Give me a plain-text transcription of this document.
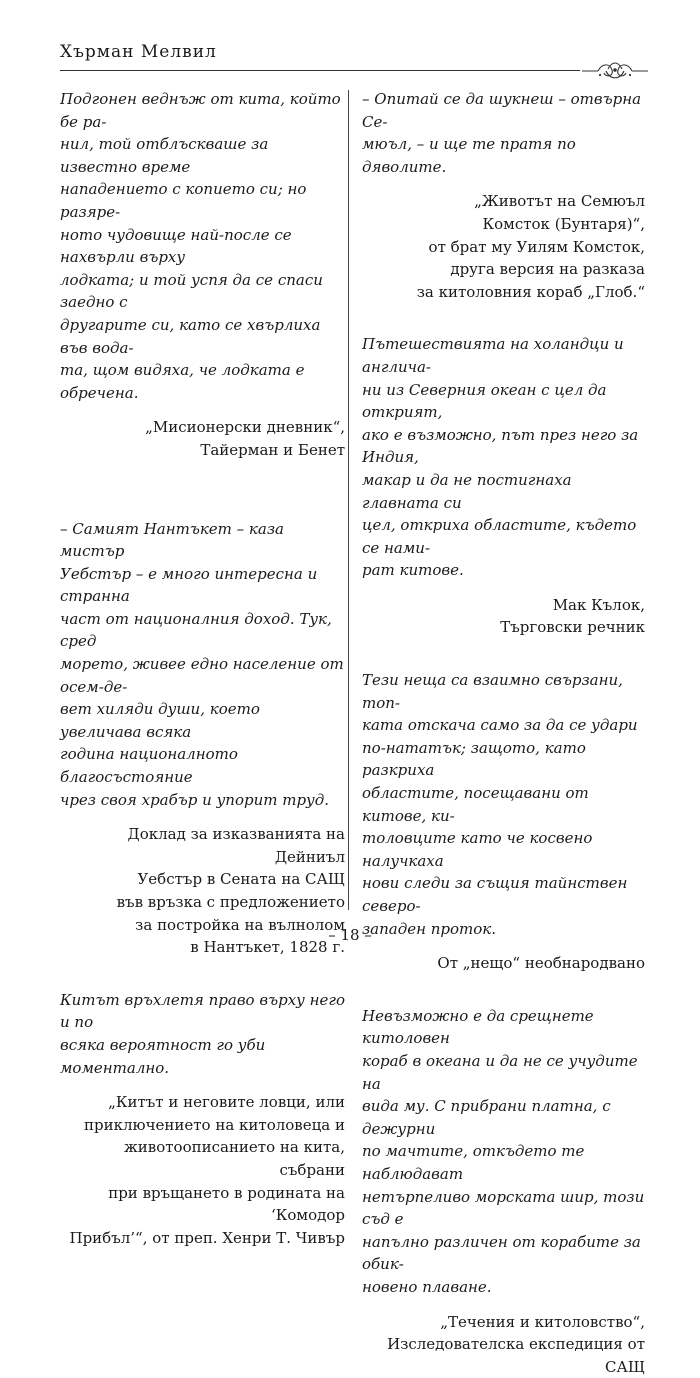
Хърман Мелвил

Подгонен веднъж от кита, който бе ра-
нил, той отблъскваше за известно време
нападението с копието си; но разяре-
ното чудовище най-после се нахвърли върху
лодката; и той успя да се спаси заедно с
другарите си, като се хвърлиха във вода-
та, щом видяха, че лодката е обречена.

„Мисионерски дневник“,
Тайерман и Бенет

– Самият Нантъкет – каза мистър
Уебстър – е много интересна и странна
част от националния доход. Тук, сред
морето, живее едно население от осем-де-
вет хиляди души, което увеличава всяка
година националното благосъстояние
чрез своя храбър и упорит труд.

Доклад за изказванията на Дейниъл
Уебстър в Сената на САЩ
във връзка с предложението
за постройка на вълнолом
в Нантъкет, 1828 г.

Китът връхлетя право върху него и по
всяка вероятност го уби моментално.

„Китът и неговите ловци, или
приключението на китоловеца и
животоописанието на кита, събрани
при връщането в родината на ‘Комодор
Прибъл’“, от преп. Хенри Т. Чивър

– Опитай се да шукнеш – отвърна Се-
мюъл, – и ще те пратя по дяволите.

„Животът на Семюъл
Комсток (Бунтаря)“,
от брат му Уилям Комсток,
друга версия на разказа
за китоловния кораб „Глоб.“

Пътешествията на холандци и англича-
ни из Северния океан с цел да открият,
ако е възможно, път през него за Индия,
макар и да не постигнаха главната си
цел, откриха областите, където се нами-
рат китове.

Мак Кълок,
Търговски речник

Тези неща са взаимно свързани, топ-
ката отскача само за да се удари
по-нататък; защото, като разкриха
областите, посещавани от китове, ки-
толовците като че косвено налучкаха
нови следи за същия тайнствен северо-
западен проток.

От „нещо“ необнародвано

Невъзможно е да срещнете китоловен
кораб в океана и да не се учудите на
вида му. С прибрани платна, с дежурни
по мачтите, откъдето те наблюдават
нетърпеливо морската шир, този съд е
напълно различен от корабите за обик-
новено плаване.

„Течения и китоловство“,
Изследователска експедиция от САЩ

– 18 –
